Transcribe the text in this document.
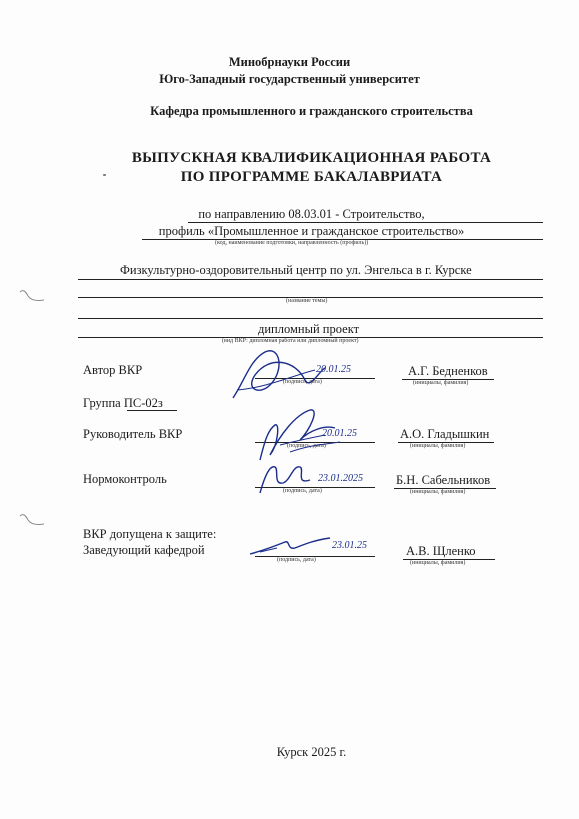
Минобрнауки России
Юго-Западный государственный университет
Кафедра промышленного и гражданского строительства
ВЫПУСКНАЯ КВАЛИФИКАЦИОННАЯ РАБОТА
ПО ПРОГРАММЕ БАКАЛАВРИАТА
по направлению 08.03.01 - Строительство,
профиль «Промышленное и гражданское строительство»
(код, наименование подготовки, направленность (профиль))
Физкультурно-оздоровительный центр по ул. Энгельса в г. Курске
(название темы)
дипломный проект
(вид ВКР: дипломная работа или дипломный проект)
Автор ВКР
(подпись, дата)
20.01.25	А.Г. Бедненков
(инициалы, фамилия)
Группа ПС-02з
Руководитель ВКР
(подпись, дата)
20.01.25	А.О. Гладышкин
(инициалы, фамилия)
Нормоконтроль
(подпись, дата)
23.01.2025	Б.Н. Сабельников
(инициалы, фамилия)
ВКР допущена к защите:
Заведующий кафедрой
(подпись, дата)
23.01.25	А.В. Щленко
(инициалы, фамилия)
Курск 2025 г.
